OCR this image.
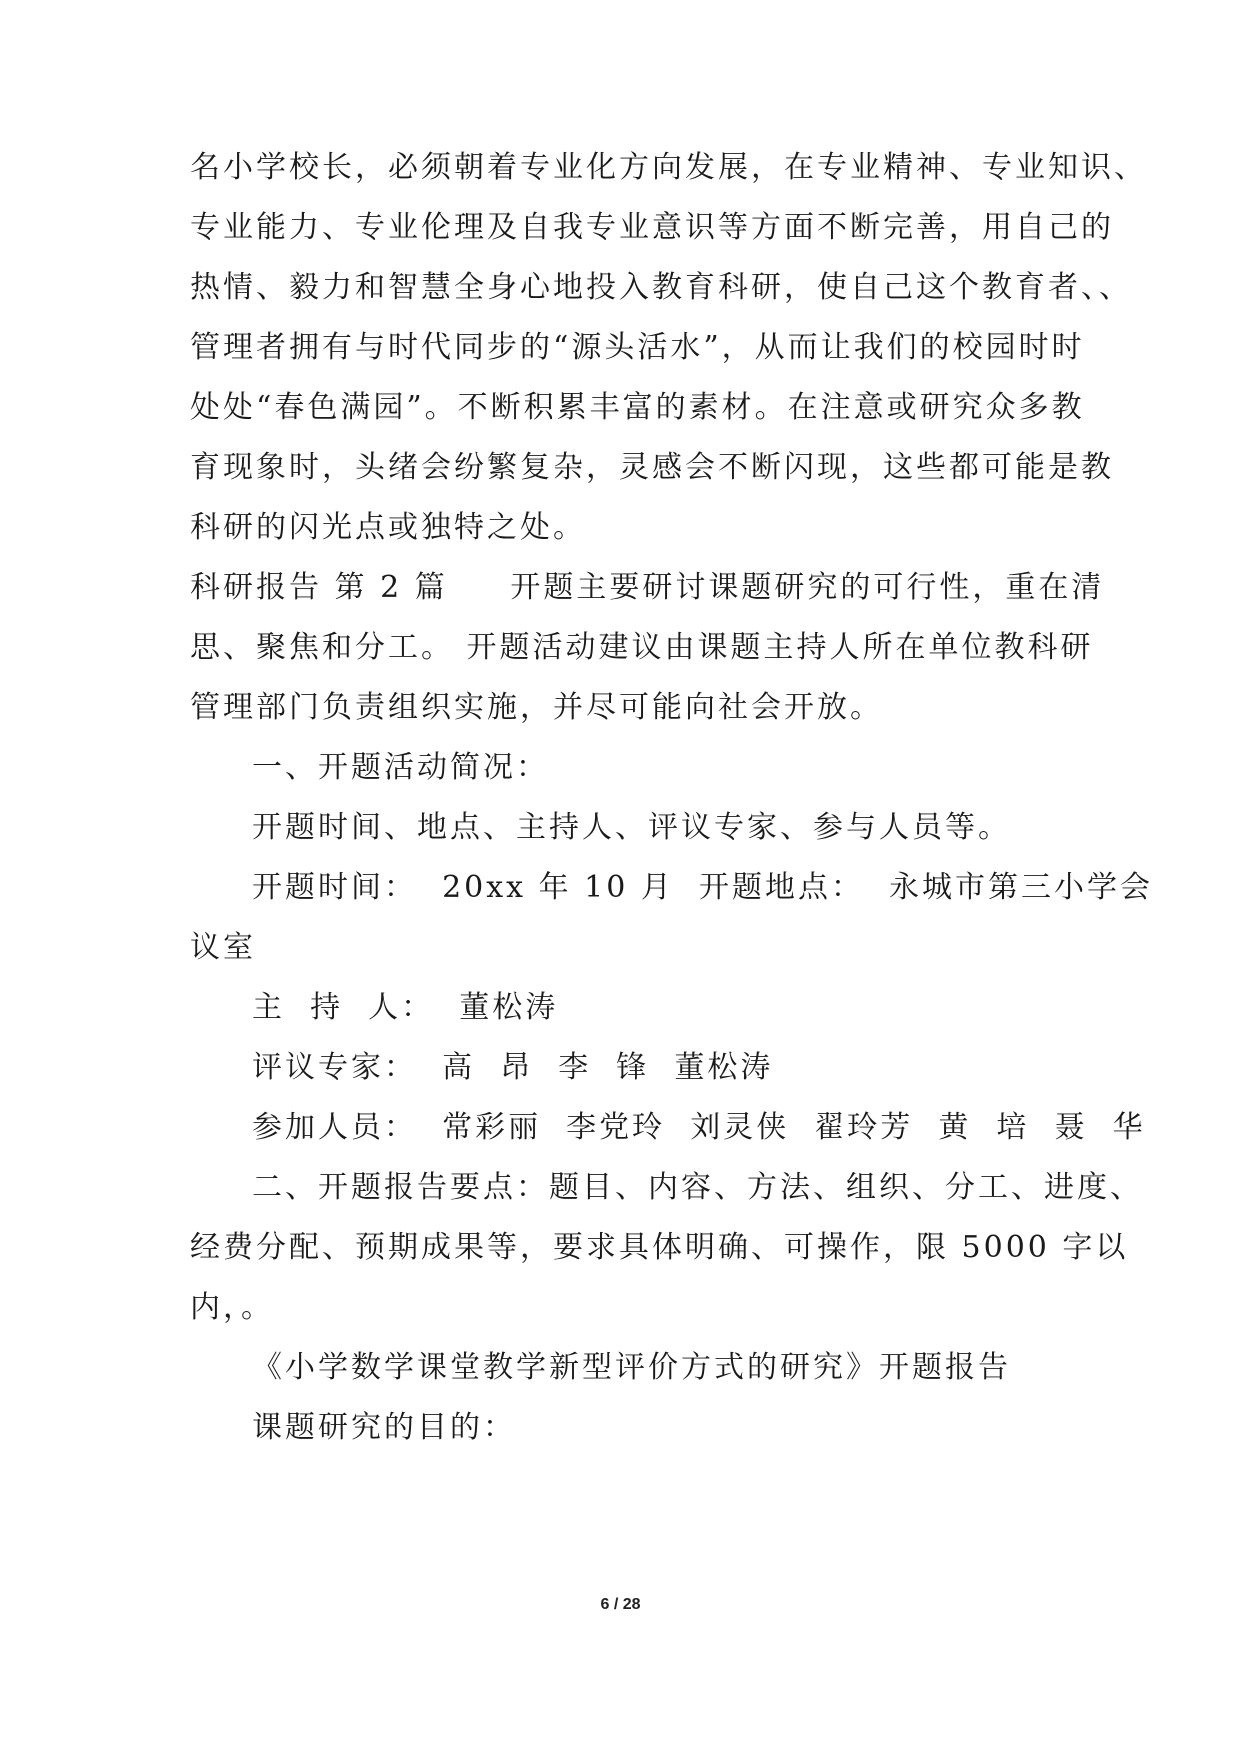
名小学校长，必须朝着专业化方向发展，在专业精神、专业知识、
专业能力、专业伦理及自我专业意识等方面不断完善，用自己的
热情、毅力和智慧全身心地投入教育科研，使自己这个教育者、、
管理者拥有与时代同步的“源头活水”，从而让我们的校园时时
处处“春色满园”。不断积累丰富的素材。在注意或研究众多教
育现象时，头绪会纷繁复杂，灵感会不断闪现，这些都可能是教
科研的闪光点或独特之处。
科研报告 第 2 篇     开题主要研讨课题研究的可行性，重在清
思、聚焦和分工。 开题活动建议由课题主持人所在单位教科研
管理部门负责组织实施，并尽可能向社会开放。
一、开题活动简况：
开题时间、地点、主持人、评议专家、参与人员等。
开题时间：  20xx 年 10 月  开题地点：  永城市第三小学会
议室
主  持  人：  董松涛
评议专家：  高  昂  李  锋  董松涛
参加人员：  常彩丽  李党玲  刘灵侠  翟玲芳  黄  培  聂  华
二、开题报告要点：题目、内容、方法、组织、分工、进度、
经费分配、预期成果等，要求具体明确、可操作，限 5000 字以
内，。
《小学数学课堂教学新型评价方式的研究》开题报告
课题研究的目的：
6 / 28
